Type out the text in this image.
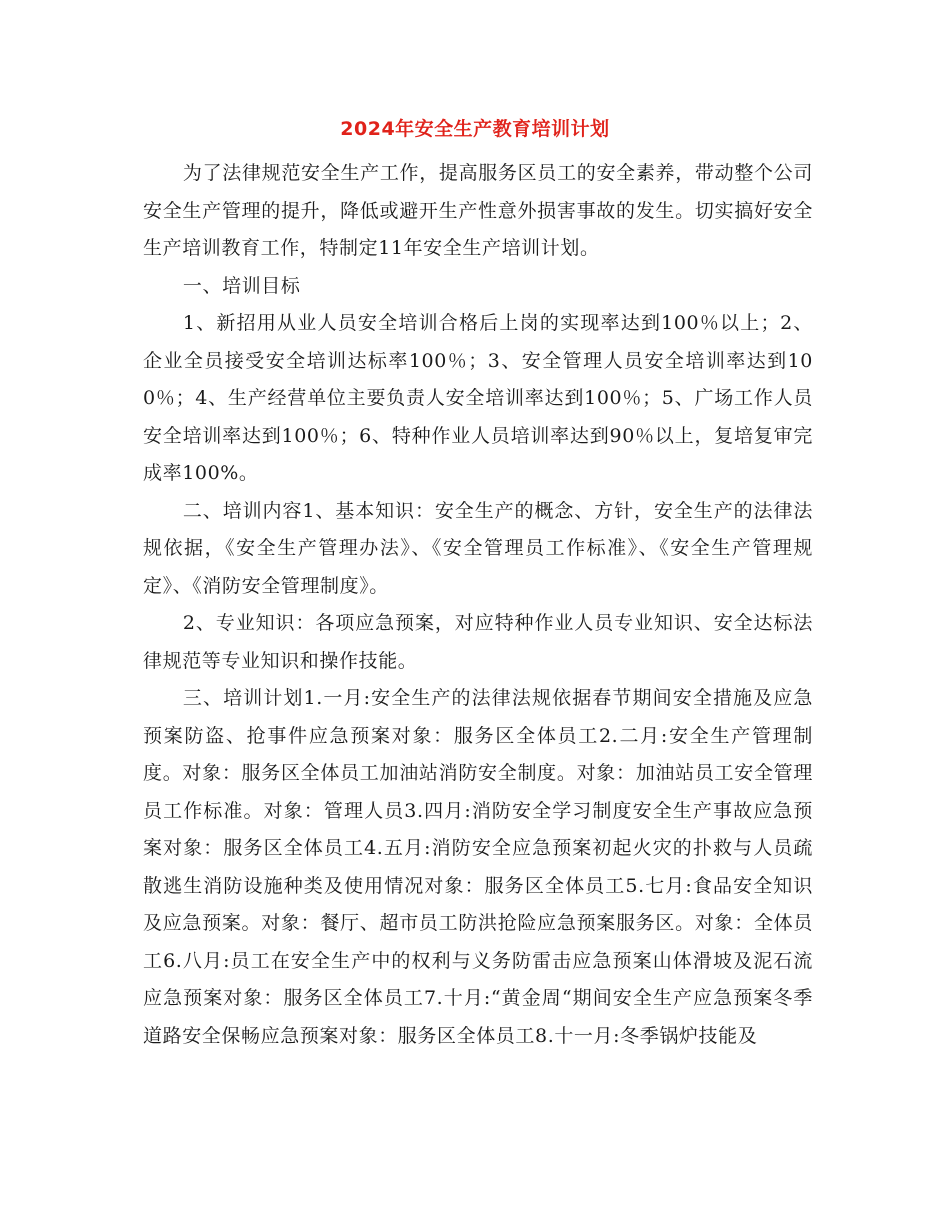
2024年安全生产教育培训计划

为了法律规范安全生产工作，提高服务区员工的安全素养，带动整个公司安全生产管理的提升，降低或避开生产性意外损害事故的发生。切实搞好安全生产培训教育工作，特制定11年安全生产培训计划。

一、培训目标

1、新招用从业人员安全培训合格后上岗的实现率达到100％以上；2、企业全员接受安全培训达标率100％；3、安全管理人员安全培训率达到100％；4、生产经营单位主要负责人安全培训率达到100％；5、广场工作人员安全培训率达到100％；6、特种作业人员培训率达到90％以上，复培复审完成率100%。

二、培训内容1、基本知识：安全生产的概念、方针，安全生产的法律法规依据，《安全生产管理办法》、《安全管理员工作标准》、《安全生产管理规定》、《消防安全管理制度》。

2、专业知识：各项应急预案，对应特种作业人员专业知识、安全达标法律规范等专业知识和操作技能。

三、培训计划1.一月:安全生产的法律法规依据春节期间安全措施及应急预案防盗、抢事件应急预案对象：服务区全体员工2.二月:安全生产管理制度。对象：服务区全体员工加油站消防安全制度。对象：加油站员工安全管理员工作标准。对象：管理人员3.四月:消防安全学习制度安全生产事故应急预案对象：服务区全体员工4.五月:消防安全应急预案初起火灾的扑救与人员疏散逃生消防设施种类及使用情况对象：服务区全体员工5.七月:食品安全知识及应急预案。对象：餐厅、超市员工防洪抢险应急预案服务区。对象：全体员工6.八月:员工在安全生产中的权利与义务防雷击应急预案山体滑坡及泥石流应急预案对象：服务区全体员工7.十月:“黄金周“期间安全生产应急预案冬季道路安全保畅应急预案对象：服务区全体员工8.十一月:冬季锅炉技能及
